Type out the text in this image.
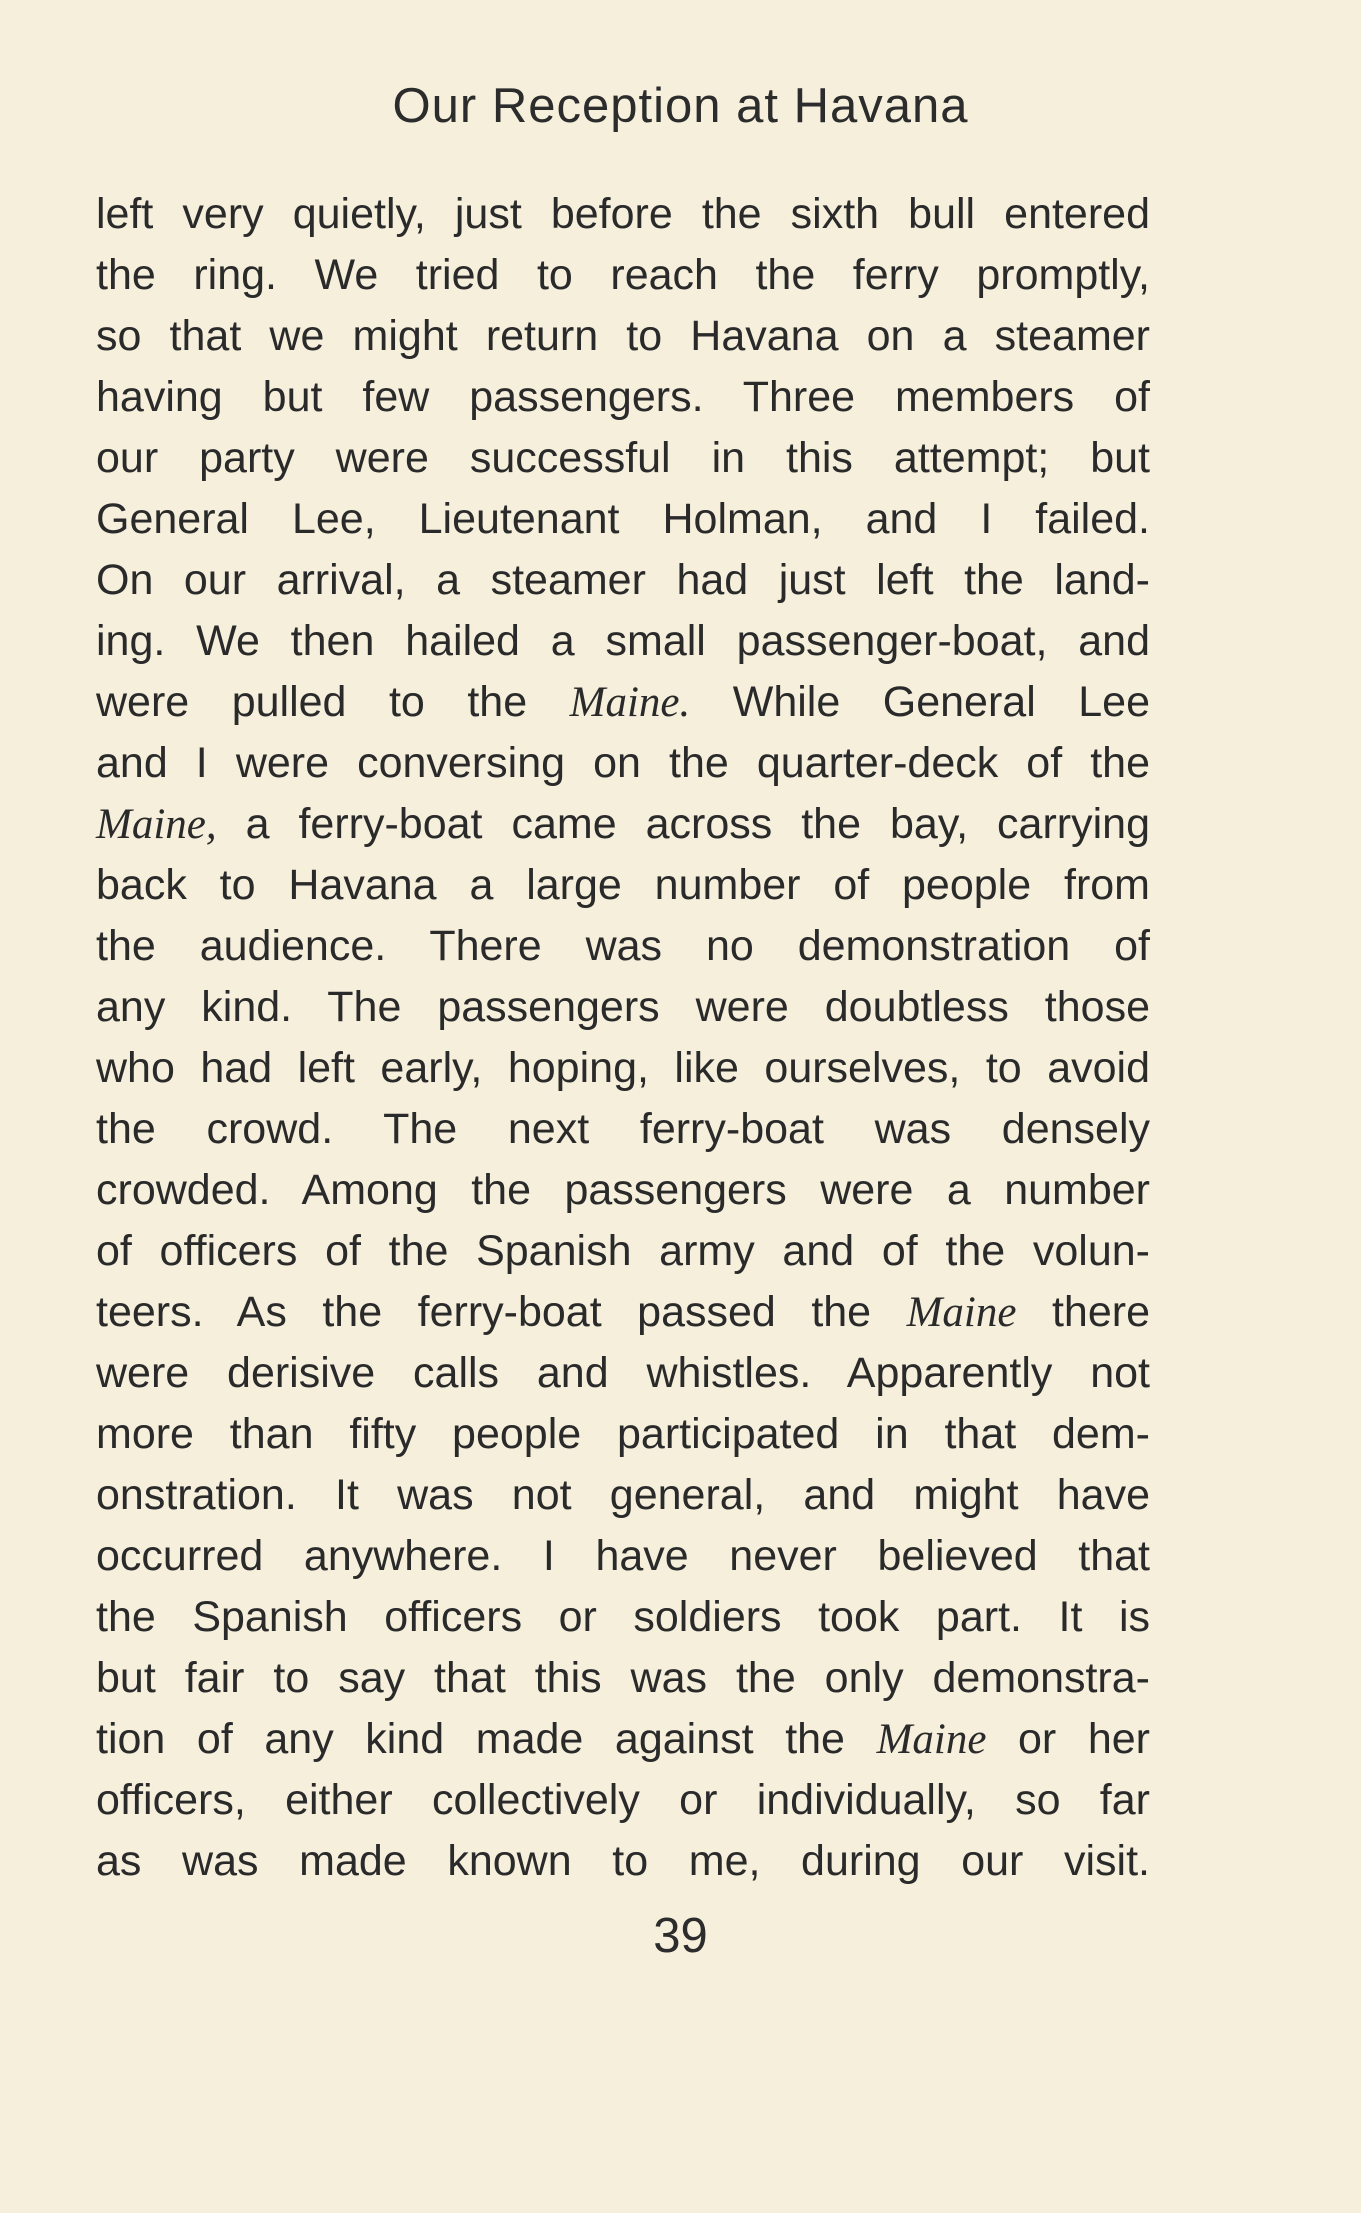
Our Reception at Havana
left very quietly, just before the sixth bull entered
the ring. We tried to reach the ferry promptly,
so that we might return to Havana on a steamer
having but few passengers. Three members of
our party were successful in this attempt; but
General Lee, Lieutenant Holman, and I failed.
On our arrival, a steamer had just left the land-
ing. We then hailed a small passenger-boat, and
were pulled to the Maine. While General Lee
and I were conversing on the quarter-deck of the
Maine, a ferry-boat came across the bay, carrying
back to Havana a large number of people from
the audience. There was no demonstration of
any kind. The passengers were doubtless those
who had left early, hoping, like ourselves, to avoid
the crowd. The next ferry-boat was densely
crowded. Among the passengers were a number
of officers of the Spanish army and of the volun-
teers. As the ferry-boat passed the Maine there
were derisive calls and whistles. Apparently not
more than fifty people participated in that dem-
onstration. It was not general, and might have
occurred anywhere. I have never believed that
the Spanish officers or soldiers took part. It is
but fair to say that this was the only demonstra-
tion of any kind made against the Maine or her
officers, either collectively or individually, so far
as was made known to me, during our visit.
39
